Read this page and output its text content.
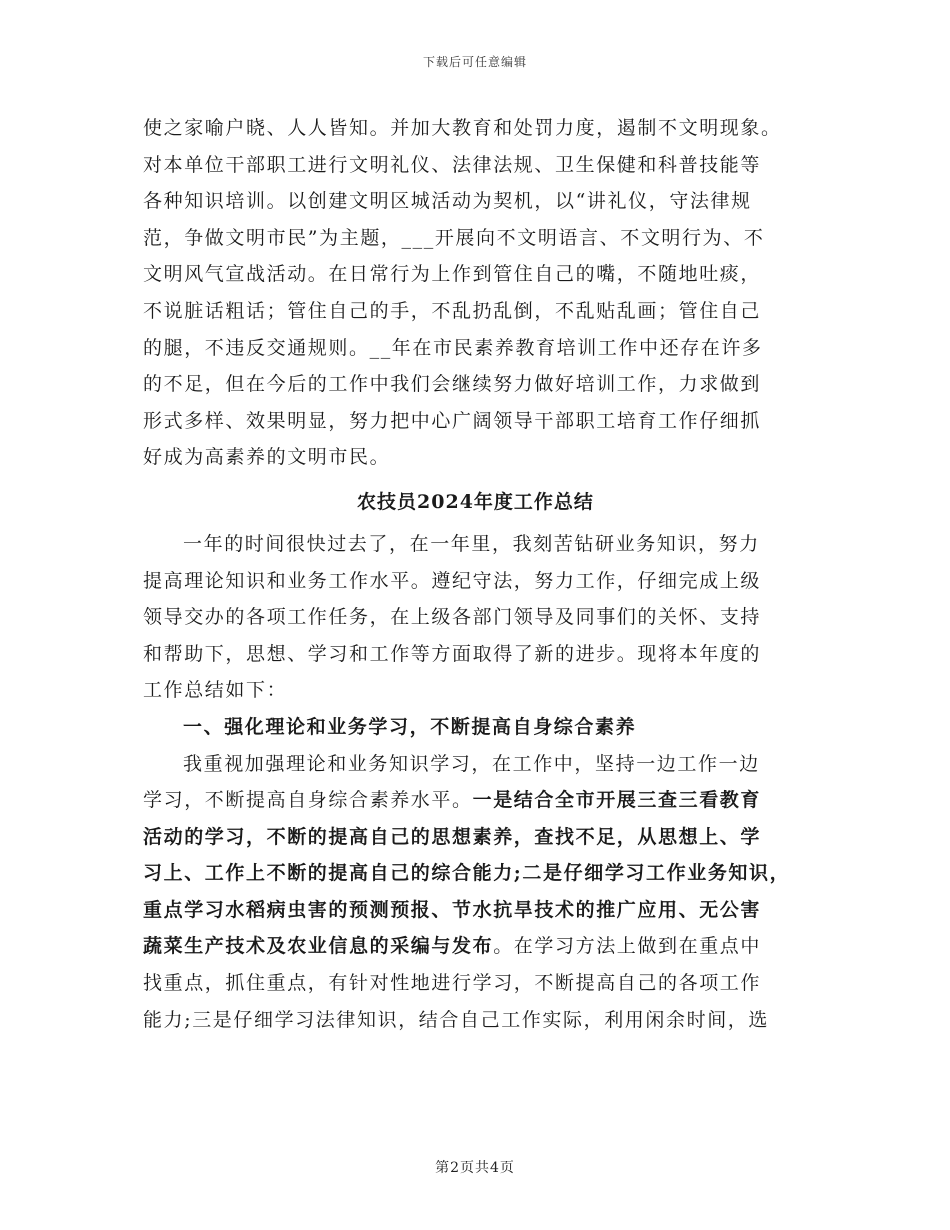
下载后可任意编辑
使之家喻户晓、人人皆知。并加大教育和处罚力度，遏制不文明现象。
对本单位干部职工进行文明礼仪、法律法规、卫生保健和科普技能等
各种知识培训。以创建文明区城活动为契机，以“讲礼仪，守法律规
范，争做文明市民”为主题，___开展向不文明语言、不文明行为、不
文明风气宣战活动。在日常行为上作到管住自己的嘴，不随地吐痰，
不说脏话粗话；管住自己的手，不乱扔乱倒，不乱贴乱画；管住自己
的腿，不违反交通规则。__年在市民素养教育培训工作中还存在许多
的不足，但在今后的工作中我们会继续努力做好培训工作，力求做到
形式多样、效果明显，努力把中心广阔领导干部职工培育工作仔细抓
好成为高素养的文明市民。
农技员2024年度工作总结
一年的时间很快过去了，在一年里，我刻苦钻研业务知识，努力
提高理论知识和业务工作水平。遵纪守法，努力工作，仔细完成上级
领导交办的各项工作任务，在上级各部门领导及同事们的关怀、支持
和帮助下，思想、学习和工作等方面取得了新的进步。现将本年度的
工作总结如下：
一、强化理论和业务学习，不断提高自身综合素养
我重视加强理论和业务知识学习，在工作中，坚持一边工作一边
学习，不断提高自身综合素养水平。一是结合全市开展三查三看教育
活动的学习，不断的提高自己的思想素养，查找不足，从思想上、学
习上、工作上不断的提高自己的综合能力;二是仔细学习工作业务知识，
重点学习水稻病虫害的预测预报、节水抗旱技术的推广应用、无公害
蔬菜生产技术及农业信息的采编与发布。在学习方法上做到在重点中
找重点，抓住重点，有针对性地进行学习，不断提高自己的各项工作
能力;三是仔细学习法律知识，结合自己工作实际，利用闲余时间，选
第2页共4页
